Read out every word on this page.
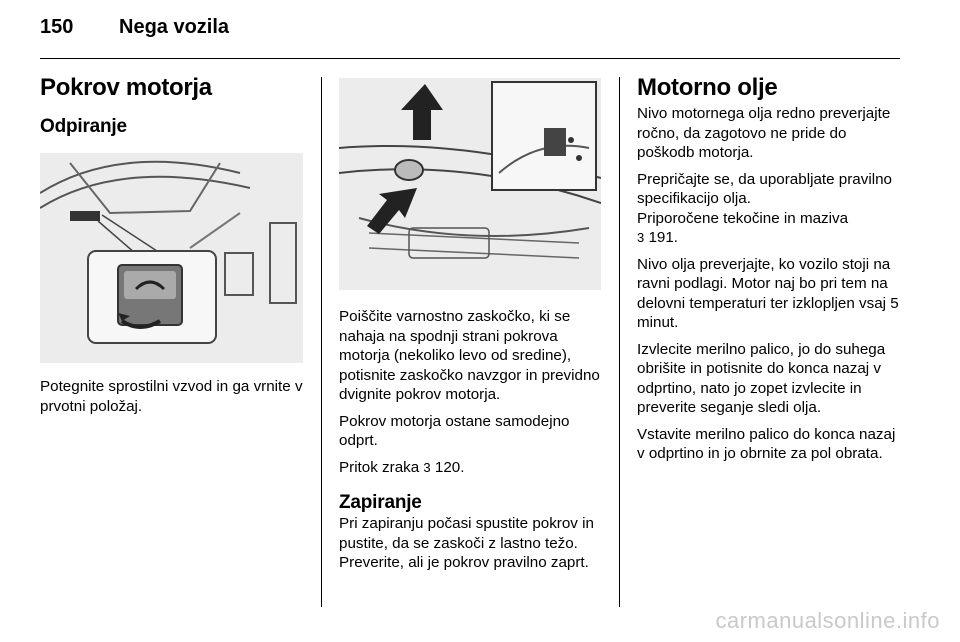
150 Nega vozila
Pokrov motorja
Odpiranje

Potegnite sprostilni vzvod in ga vrnite v prvotni položaj.

Poiščite varnostno zaskočko, ki se nahaja na spodnji strani pokrova motorja (nekoliko levo od sredine), potisnite zaskočko navzgor in previdno dvignite pokrov motorja.

Pokrov motorja ostane samodejno odprt.

Pritok zraka 3 120.

Zapiranje

Pri zapiranju počasi spustite pokrov in pustite, da se zaskoči z lastno težo. Preverite, ali je pokrov pravilno zaprt.

Motorno olje

Nivo motornega olja redno preverjajte ročno, da zagotovo ne pride do poškodb motorja.

Prepričajte se, da uporabljate pravilno specifikacijo olja.

Priporočene tekočine in maziva
3 191.

Nivo olja preverjajte, ko vozilo stoji na ravni podlagi. Motor naj bo pri tem na delovni temperaturi ter izklopljen vsaj 5 minut.

Izvlecite merilno palico, jo do suhega obrišite in potisnite do konca nazaj v odprtino, nato jo zopet izvlecite in preverite seganje sledi olja.

Vstavite merilno palico do konca nazaj v odprtino in jo obrnite za pol obrata.

carmanualsonline.info
